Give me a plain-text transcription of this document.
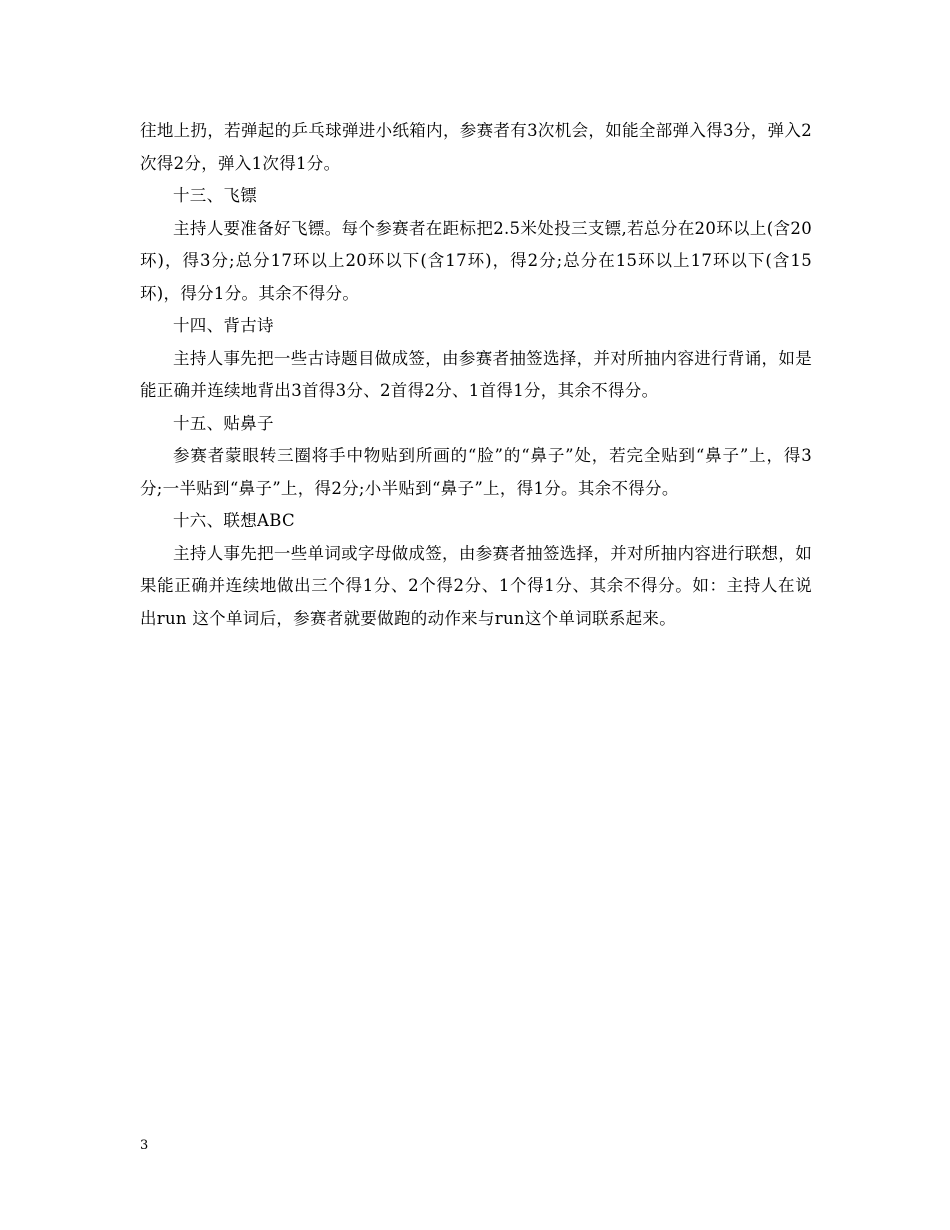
往地上扔，若弹起的乒乓球弹进小纸箱内，参赛者有3次机会，如能全部弹入得3分，弹入2次得2分，弹入1次得1分。

十三、飞镖

主持人要准备好飞镖。每个参赛者在距标把2.5米处投三支镖,若总分在20环以上(含20环)，得3分;总分17环以上20环以下(含17环)，得2分;总分在15环以上17环以下(含15环)，得分1分。其余不得分。

十四、背古诗

主持人事先把一些古诗题目做成签，由参赛者抽签选择，并对所抽内容进行背诵，如是能正确并连续地背出3首得3分、2首得2分、1首得1分，其余不得分。

十五、贴鼻子

参赛者蒙眼转三圈将手中物贴到所画的“脸”的“鼻子”处，若完全贴到“鼻子”上，得3分;一半贴到“鼻子”上，得2分;小半贴到“鼻子”上，得1分。其余不得分。

十六、联想ABC

主持人事先把一些单词或字母做成签，由参赛者抽签选择，并对所抽内容进行联想，如果能正确并连续地做出三个得1分、2个得2分、1个得1分、其余不得分。如：主持人在说出run 这个单词后，参赛者就要做跑的动作来与run这个单词联系起来。

3
